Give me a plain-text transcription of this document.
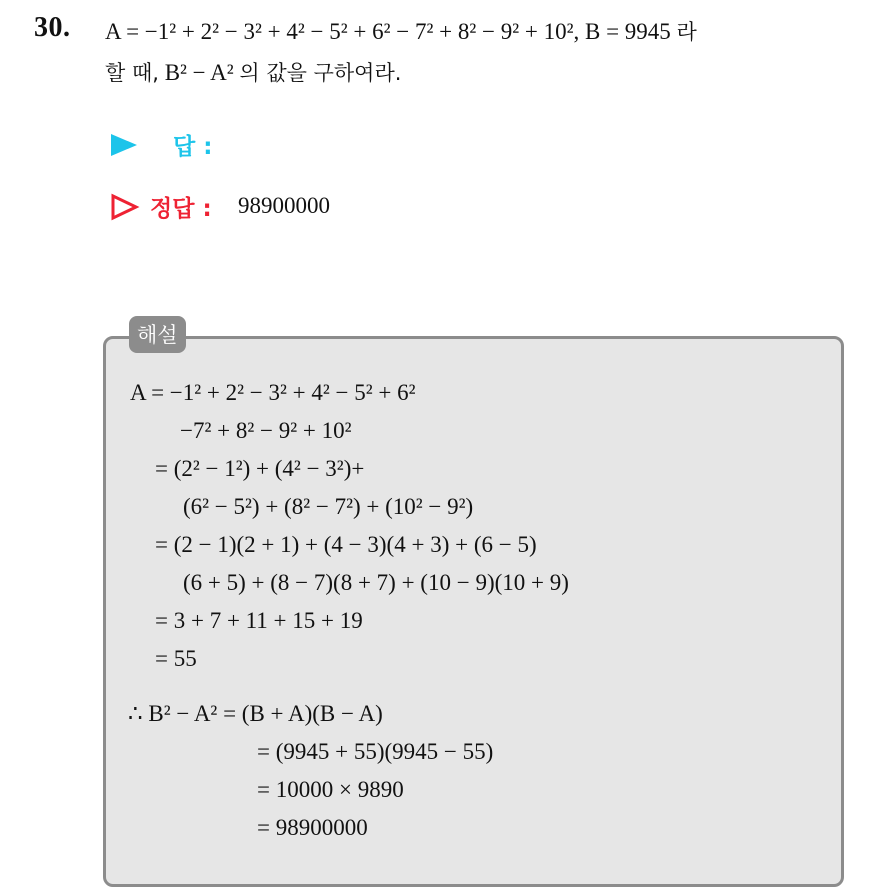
30. A = −1² + 2² − 3² + 4² − 5² + 6² − 7² + 8² − 9² + 10², B = 9945 라
할 때, B² − A² 의 값을 구하여라.
답 :
정답 : 98900000
해설
A = −1² + 2² − 3² + 4² − 5² + 6²
−7² + 8² − 9² + 10²
= (2² − 1²) + (4² − 3²)+
(6² − 5²) + (8² − 7²) + (10² − 9²)
= (2 − 1)(2 + 1) + (4 − 3)(4 + 3) + (6 − 5)
(6 + 5) + (8 − 7)(8 + 7) + (10 − 9)(10 + 9)
= 3 + 7 + 11 + 15 + 19
= 55
∴ B² − A² = (B + A)(B − A)
= (9945 + 55)(9945 − 55)
= 10000 × 9890
= 98900000
